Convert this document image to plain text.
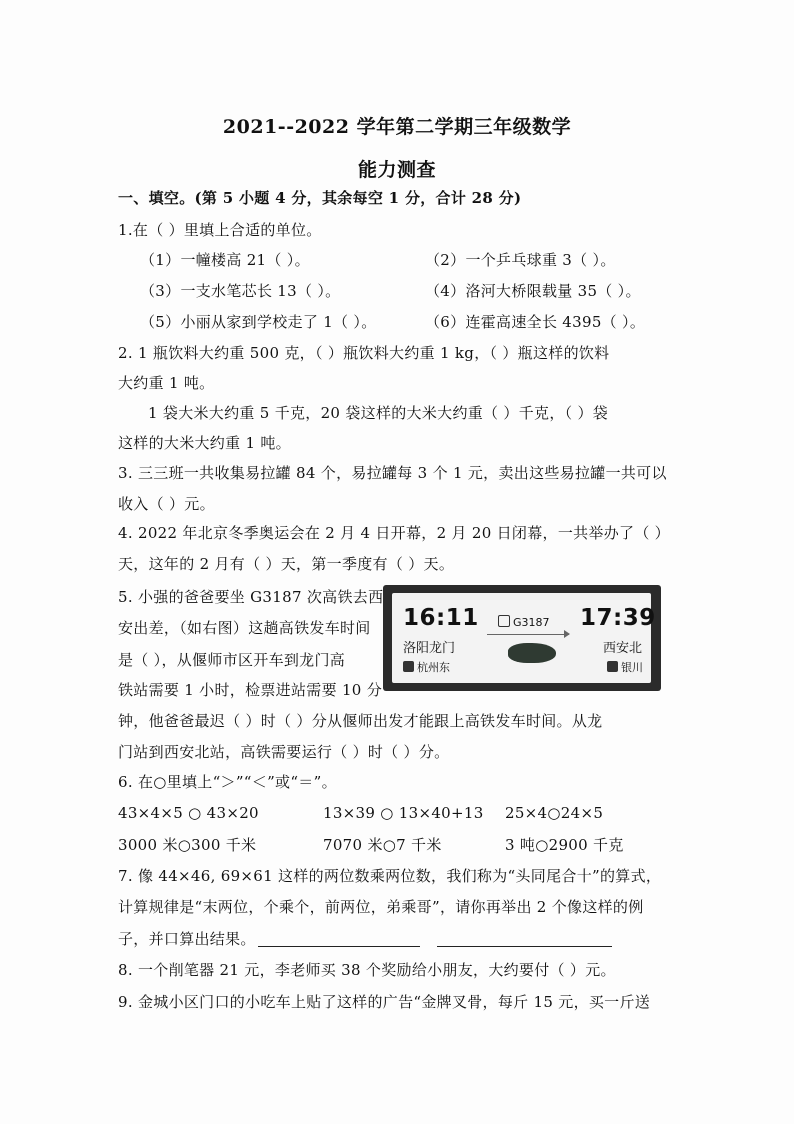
2021--2022 学年第二学期三年级数学
能力测查
一、填空。(第 5 小题 4 分，其余每空 1 分，合计 28 分)
1.在（ ）里填上合适的单位。
（1）一幢楼高 21（ ）。	（2）一个乒乓球重 3（ ）。
（3）一支水笔芯长 13（ ）。	（4）洛河大桥限载量 35（ ）。
（5）小丽从家到学校走了 1（ ）。	（6）连霍高速全长 4395（ ）。
2. 1 瓶饮料大约重 500 克，（ ）瓶饮料大约重 1 kg，（ ）瓶这样的饮料
大约重 1 吨。
1 袋大米大约重 5 千克，20 袋这样的大米大约重（ ）千克，（ ）袋
这样的大米大约重 1 吨。
3. 三三班一共收集易拉罐 84 个，易拉罐每 3 个 1 元，卖出这些易拉罐一共可以
收入（ ）元。
4. 2022 年北京冬季奥运会在 2 月 4 日开幕，2 月 20 日闭幕，一共举办了（ ）
天，这年的 2 月有（ ）天，第一季度有（ ）天。
5. 小强的爸爸要坐 G3187 次高铁去西
安出差，（如右图）这趟高铁发车时间
是（ ），从偃师市区开车到龙门高
铁站需要 1 小时，检票进站需要 10 分
钟，他爸爸最迟（ ）时（ ）分从偃师出发才能跟上高铁发车时间。从龙
门站到西安北站，高铁需要运行（ ）时（ ）分。
16:11	17:39
G3187
洛阳龙门	西安北
杭州东	银川
6. 在○里填上“＞”“＜”或“＝”。
43×4×5 ○ 43×20	13×39 ○ 13×40+13 25×4○24×5
3000 米○300 千米	7070 米○7 千米	3 吨○2900 千克
7. 像 44×46, 69×61 这样的两位数乘两位数，我们称为“头同尾合十”的算式，
计算规律是“末两位，个乘个，前两位，弟乘哥”，请你再举出 2 个像这样的例
子，并口算出结果。
8. 一个削笔器 21 元，李老师买 38 个奖励给小朋友，大约要付（ ）元。
9. 金城小区门口的小吃车上贴了这样的广告“金牌叉骨，每斤 15 元，买一斤送
